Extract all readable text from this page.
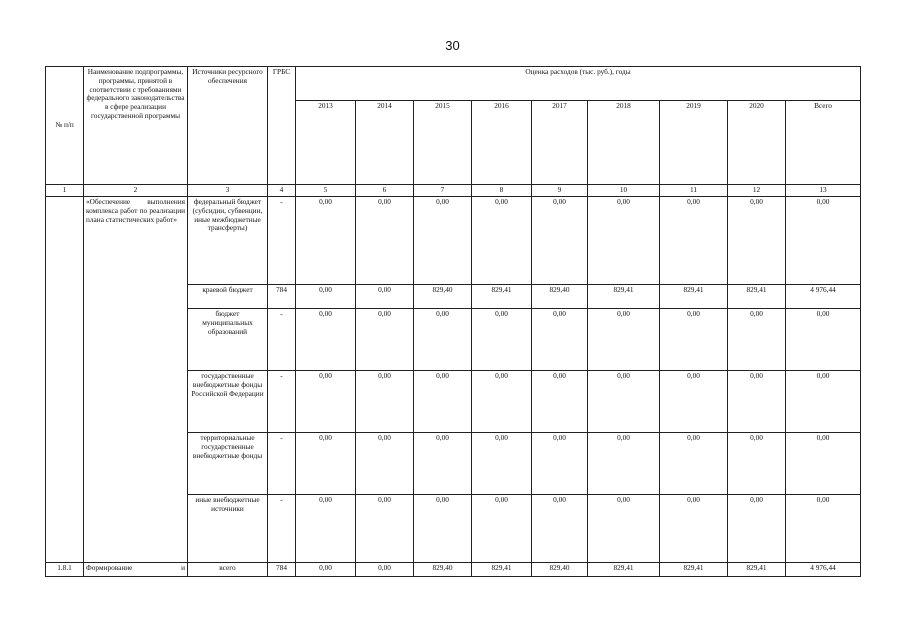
30
№ п/п	Наименование подпрограммы, программы, принятой в соответствии с требованиями федерального законодательства в сфере реализации государственной программы	Источники ресурсного обеспечения	ГРБС	Оценка расходов (тыс. руб.), годы								
				2013	2014	2015	2016	2017	2018	2019	2020	Всего
1	2	3	4	5	6	7	8	9	10	11	12	13
	«Обеспечение выполнения комплекса работ по реализации плана статистических работ»	федеральный бюджет (субсидии, субвенции, иные межбюджетные трансферты)	-	0,00	0,00	0,00	0,00	0,00	0,00	0,00	0,00	0,00
		краевой бюджет	784	0,00	0,00	829,40	829,41	829,40	829,41	829,41	829,41	4 976,44
		бюджет муниципальных образований	-	0,00	0,00	0,00	0,00	0,00	0,00	0,00	0,00	0,00
		государственные внебюджетные фонды Российской Федерации	-	0,00	0,00	0,00	0,00	0,00	0,00	0,00	0,00	0,00
		территориальные государственные внебюджетные фонды	-	0,00	0,00	0,00	0,00	0,00	0,00	0,00	0,00	0,00
		иные внебюджетные источники	-	0,00	0,00	0,00	0,00	0,00	0,00	0,00	0,00	0,00
1.8.1	Формирование и	всего	784	0,00	0,00	829,40	829,41	829,40	829,41	829,41	829,41	4 976,44
